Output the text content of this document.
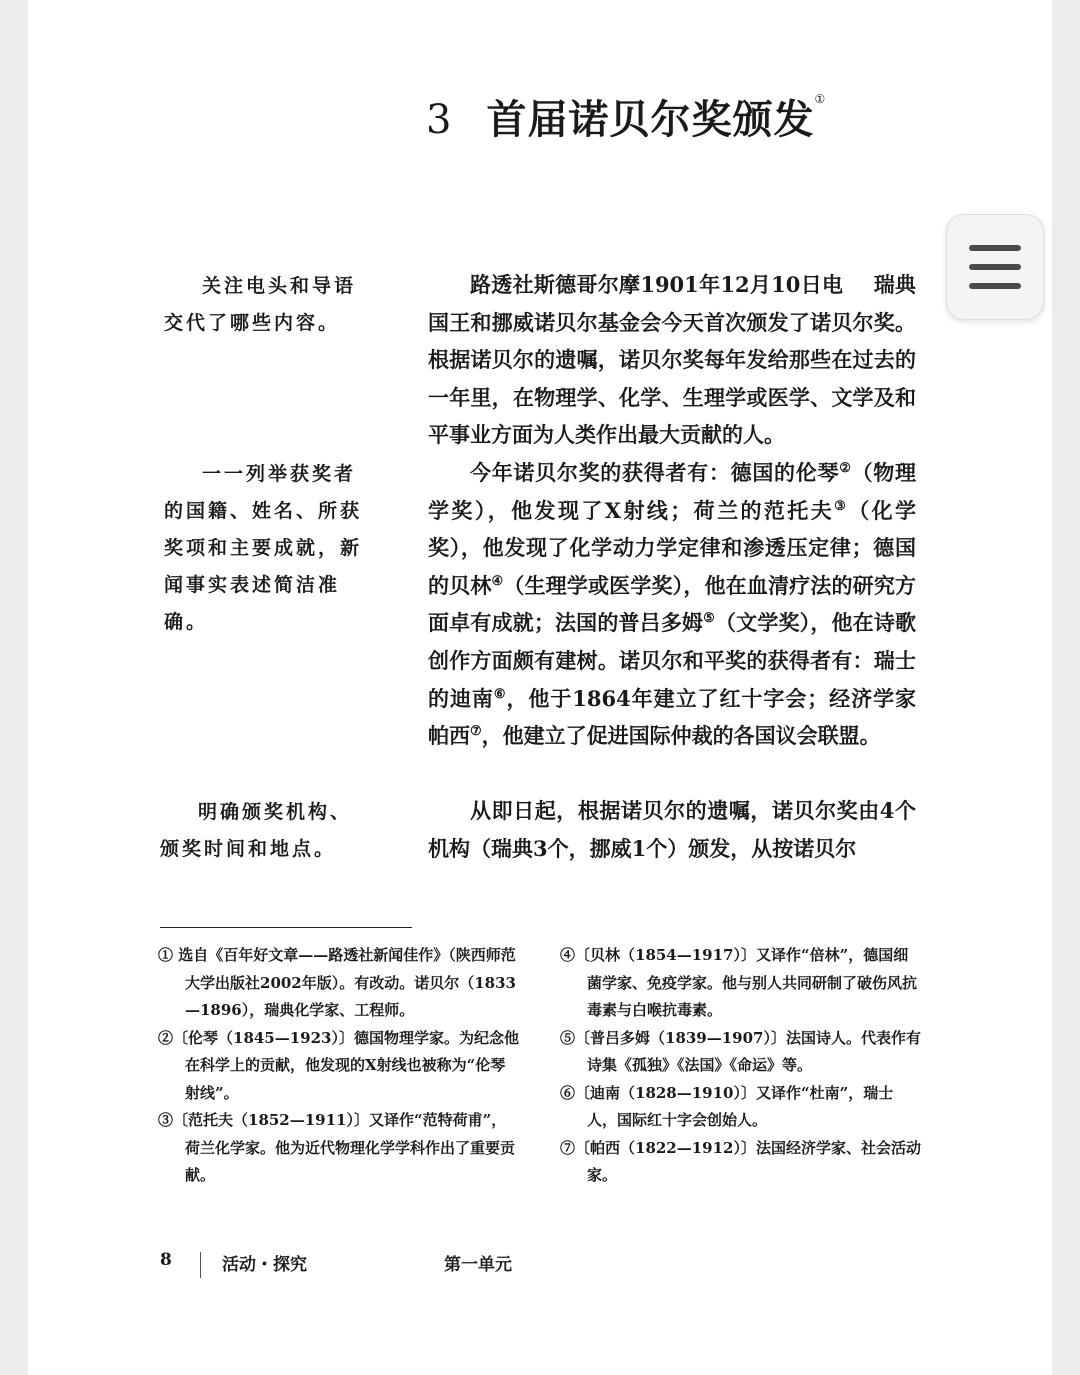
3 首届诺贝尔奖颁发①

关注电头和导语交代了哪些内容。

一一列举获奖者的国籍、姓名、所获奖项和主要成就，新闻事实表述简洁准确。

明确颁奖机构、颁奖时间和地点。

路透社斯德哥尔摩1901年12月10日电 瑞典国王和挪威诺贝尔基金会今天首次颁发了诺贝尔奖。根据诺贝尔的遗嘱，诺贝尔奖每年发给那些在过去的一年里，在物理学、化学、生理学或医学、文学及和平事业方面为人类作出最大贡献的人。

今年诺贝尔奖的获得者有：德国的伦琴②（物理学奖），他发现了X射线；荷兰的范托夫③（化学奖），他发现了化学动力学定律和渗透压定律；德国的贝林④（生理学或医学奖），他在血清疗法的研究方面卓有成就；法国的普吕多姆⑤（文学奖），他在诗歌创作方面颇有建树。诺贝尔和平奖的获得者有：瑞士的迪南⑥，他于1864年建立了红十字会；经济学家帕西⑦，他建立了促进国际仲裁的各国议会联盟。

从即日起，根据诺贝尔的遗嘱，诺贝尔奖由4个机构（瑞典3个，挪威1个）颁发，从按诺贝尔

① 选自《百年好文章——路透社新闻佳作》（陕西师范大学出版社2002年版）。有改动。诺贝尔（1833—1896），瑞典化学家、工程师。
②〔伦琴（1845—1923）〕德国物理学家。为纪念他在科学上的贡献，他发现的X射线也被称为“伦琴射线”。
③〔范托夫（1852—1911）〕又译作“范特荷甫”，荷兰化学家。他为近代物理化学学科作出了重要贡献。
④〔贝林（1854—1917）〕又译作“倍林”，德国细菌学家、免疫学家。他与别人共同研制了破伤风抗毒素与白喉抗毒素。
⑤〔普吕多姆（1839—1907）〕法国诗人。代表作有诗集《孤独》《法国》《命运》等。
⑥〔迪南（1828—1910）〕又译作“杜南”，瑞士人，国际红十字会创始人。
⑦〔帕西（1822—1912）〕法国经济学家、社会活动家。
8	活动・探究	第一单元
